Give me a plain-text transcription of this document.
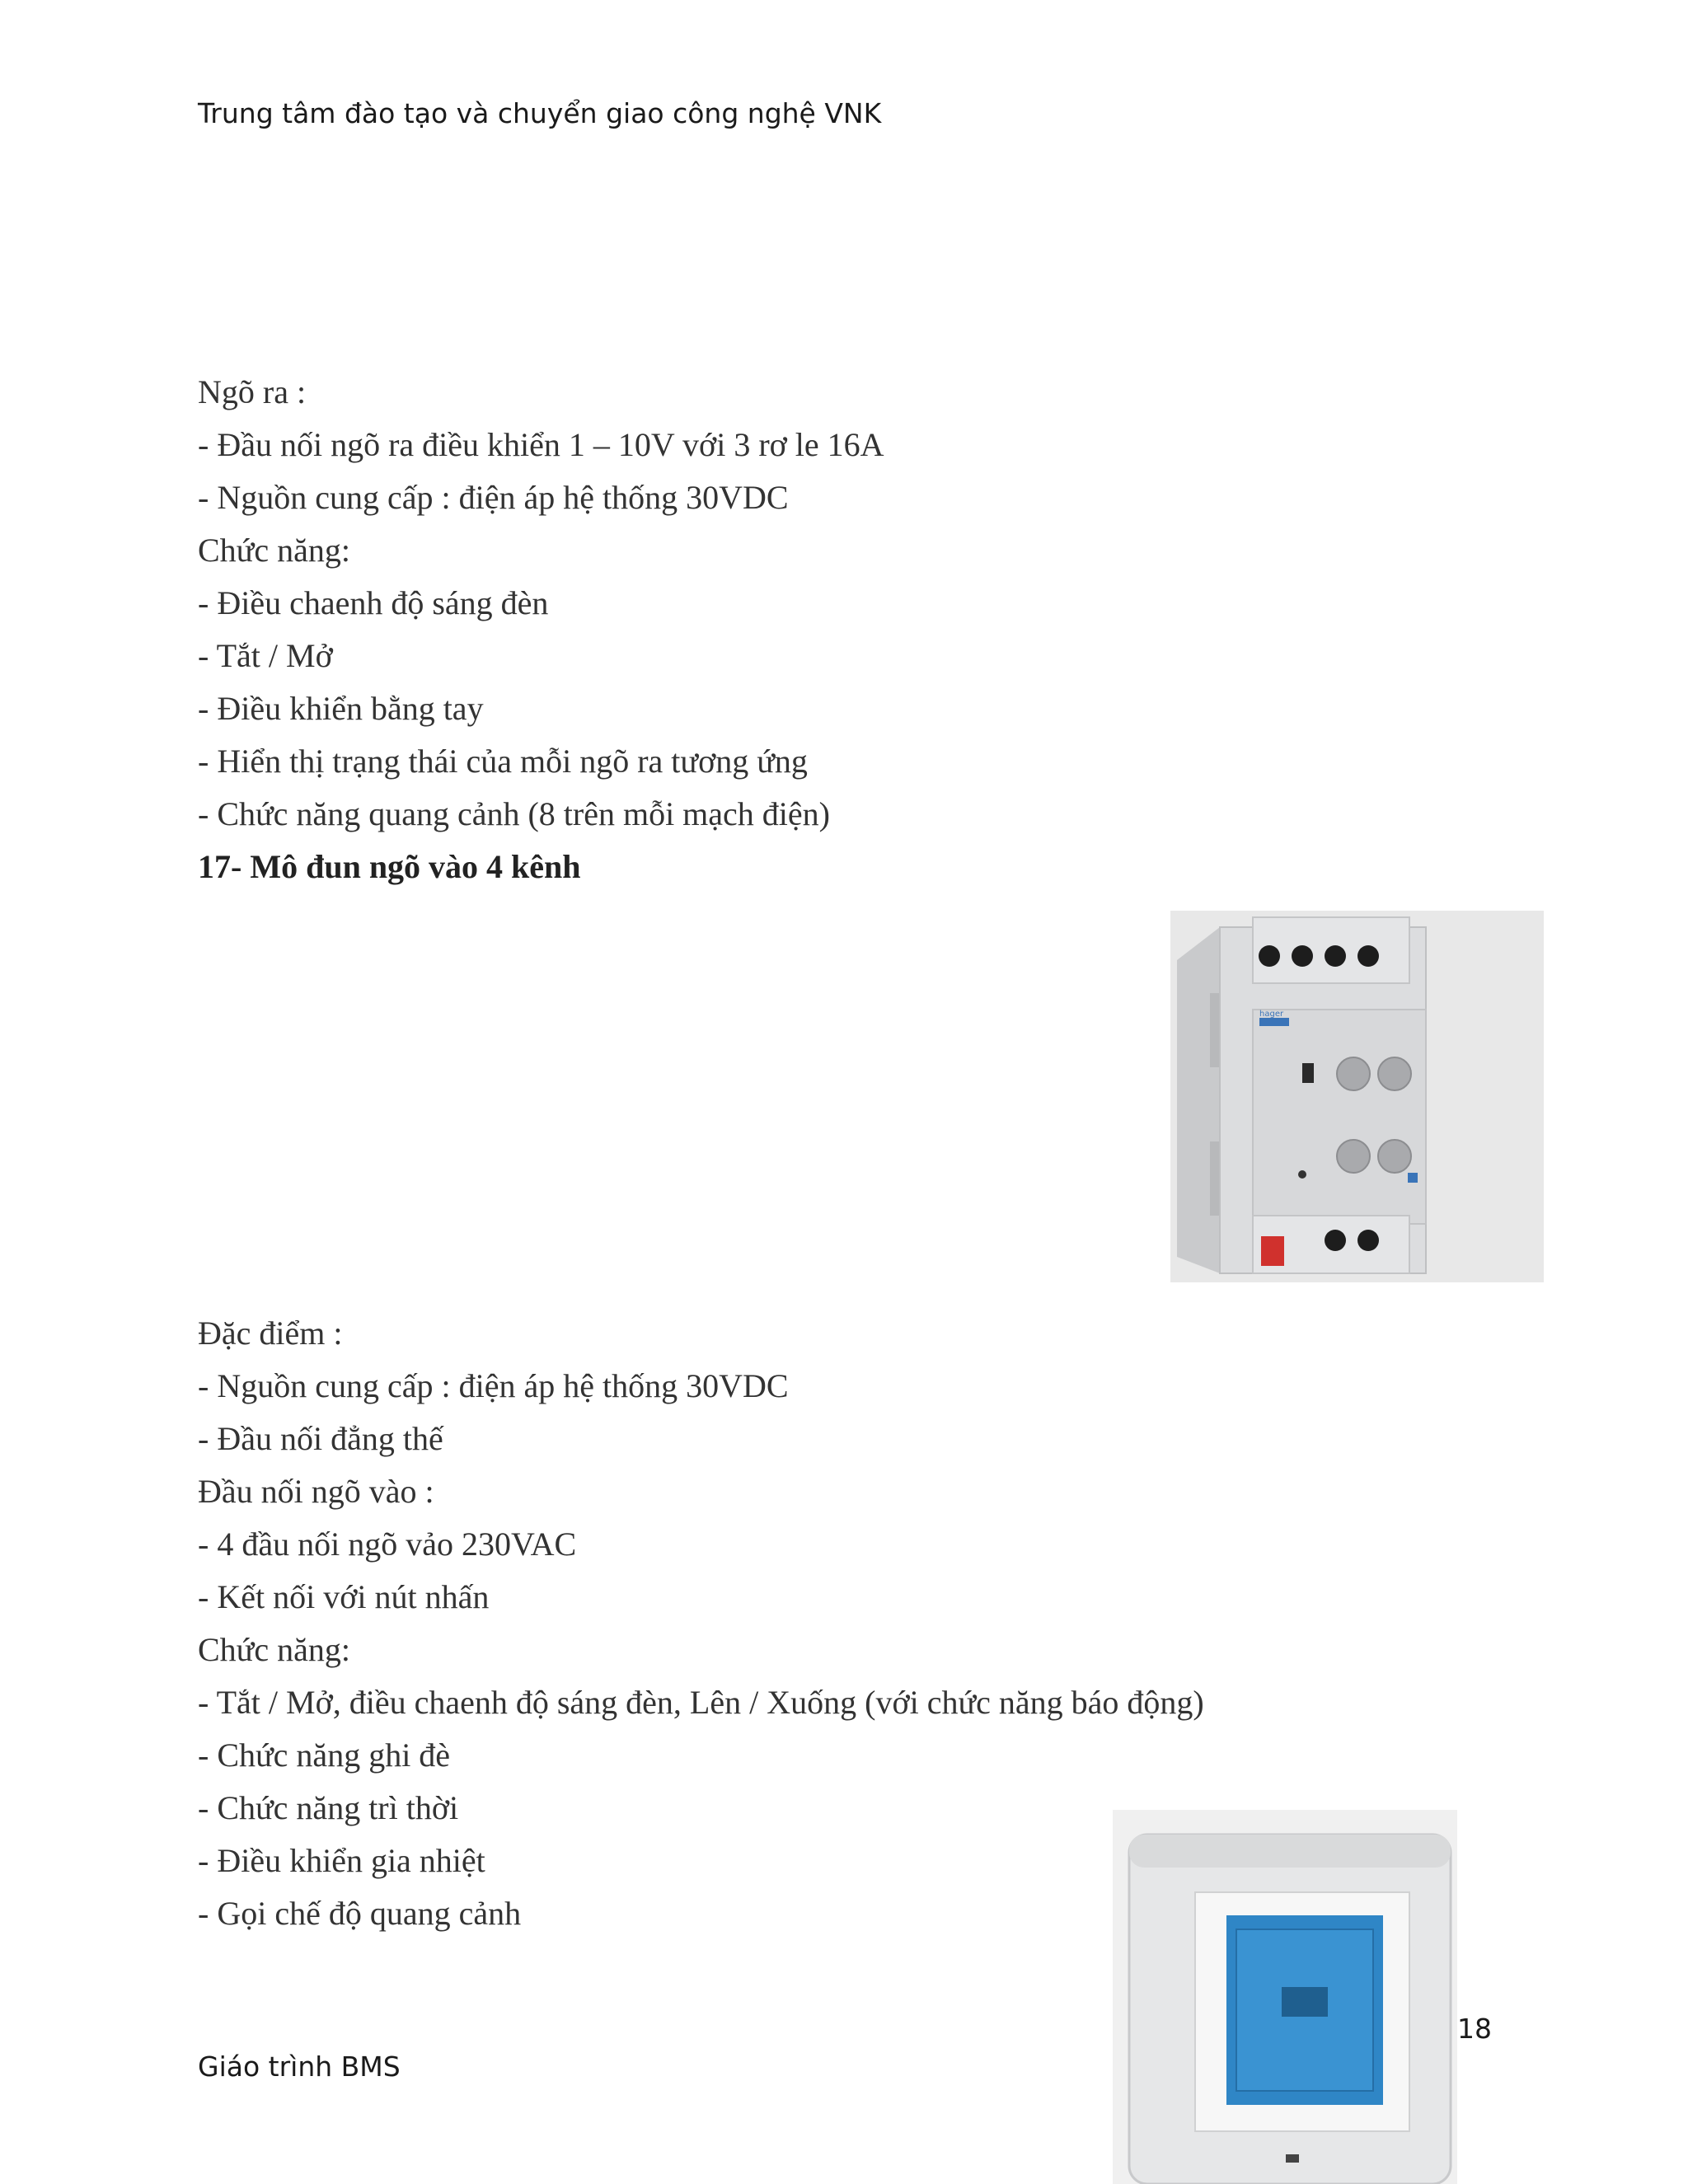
Trung tâm đào tạo và chuyển giao công nghệ VNK
Ngõ ra :
- Đầu nối ngõ ra điều khiển 1 – 10V với 3 rơ le 16A
- Nguồn cung cấp : điện áp hệ thống 30VDC
Chức năng:
- Điều chaenh độ sáng đèn
- Tắt / Mở
- Điều khiển bằng tay
- Hiển thị trạng thái của mỗi ngõ ra tương ứng
- Chức năng quang cảnh (8 trên mỗi mạch điện)
17- Mô đun ngõ vào 4 kênh
hager
Đặc điểm :
- Nguồn cung cấp : điện áp hệ thống 30VDC
- Đầu nối đẳng thế
Đầu nối ngõ vào :
- 4 đầu nối ngõ vảo 230VAC
- Kết nối với nút nhấn
Chức năng:
- Tắt / Mở, điều chaenh độ sáng đèn, Lên / Xuống (với chức năng báo động)
- Chức năng ghi đè
- Chức năng trì thời
- Điều khiển gia nhiệt
- Gọi chế độ quang cảnh
18
Giáo trình BMS
